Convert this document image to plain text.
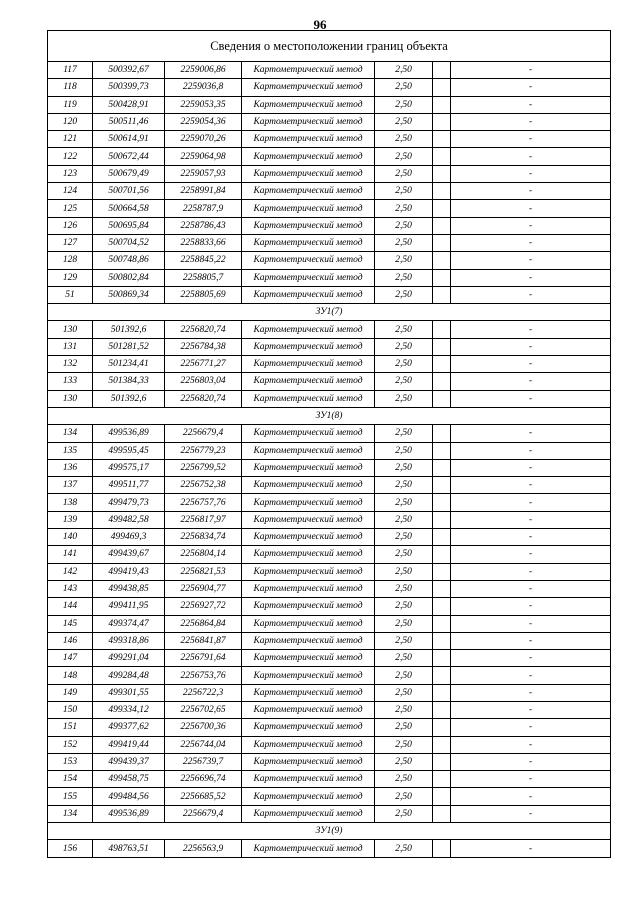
96
Сведения о местоположении границ объекта						
117	500392,67	2259006,86	Картометрический метод	2,50		-
118	500399,73	2259036,8	Картометрический метод	2,50		-
119	500428,91	2259053,35	Картометрический метод	2,50		-
120	500511,46	2259054,36	Картометрический метод	2,50		-
121	500614,91	2259070,26	Картометрический метод	2,50		-
122	500672,44	2259064,98	Картометрический метод	2,50		-
123	500679,49	2259057,93	Картометрический метод	2,50		-
124	500701,56	2258991,84	Картометрический метод	2,50		-
125	500664,58	2258787,9	Картометрический метод	2,50		-
126	500695,84	2258786,43	Картометрический метод	2,50		-
127	500704,52	2258833,66	Картометрический метод	2,50		-
128	500748,86	2258845,22	Картометрический метод	2,50		-
129	500802,84	2258805,7	Картометрический метод	2,50		-
51	500869,34	2258805,69	Картометрический метод	2,50		-
ЗУ1(7)						
130	501392,6	2256820,74	Картометрический метод	2,50		-
131	501281,52	2256784,38	Картометрический метод	2,50		-
132	501234,41	2256771,27	Картометрический метод	2,50		-
133	501384,33	2256803,04	Картометрический метод	2,50		-
130	501392,6	2256820,74	Картометрический метод	2,50		-
ЗУ1(8)						
134	499536,89	2256679,4	Картометрический метод	2,50		-
135	499595,45	2256779,23	Картометрический метод	2,50		-
136	499575,17	2256799,52	Картометрический метод	2,50		-
137	499511,77	2256752,38	Картометрический метод	2,50		-
138	499479,73	2256757,76	Картометрический метод	2,50		-
139	499482,58	2256817,97	Картометрический метод	2,50		-
140	499469,3	2256834,74	Картометрический метод	2,50		-
141	499439,67	2256804,14	Картометрический метод	2,50		-
142	499419,43	2256821,53	Картометрический метод	2,50		-
143	499438,85	2256904,77	Картометрический метод	2,50		-
144	499411,95	2256927,72	Картометрический метод	2,50		-
145	499374,47	2256864,84	Картометрический метод	2,50		-
146	499318,86	2256841,87	Картометрический метод	2,50		-
147	499291,04	2256791,64	Картометрический метод	2,50		-
148	499284,48	2256753,76	Картометрический метод	2,50		-
149	499301,55	2256722,3	Картометрический метод	2,50		-
150	499334,12	2256702,65	Картометрический метод	2,50		-
151	499377,62	2256700,36	Картометрический метод	2,50		-
152	499419,44	2256744,04	Картометрический метод	2,50		-
153	499439,37	2256739,7	Картометрический метод	2,50		-
154	499458,75	2256696,74	Картометрический метод	2,50		-
155	499484,56	2256685,52	Картометрический метод	2,50		-
134	499536,89	2256679,4	Картометрический метод	2,50		-
ЗУ1(9)						
156	498763,51	2256563,9	Картометрический метод	2,50		-
